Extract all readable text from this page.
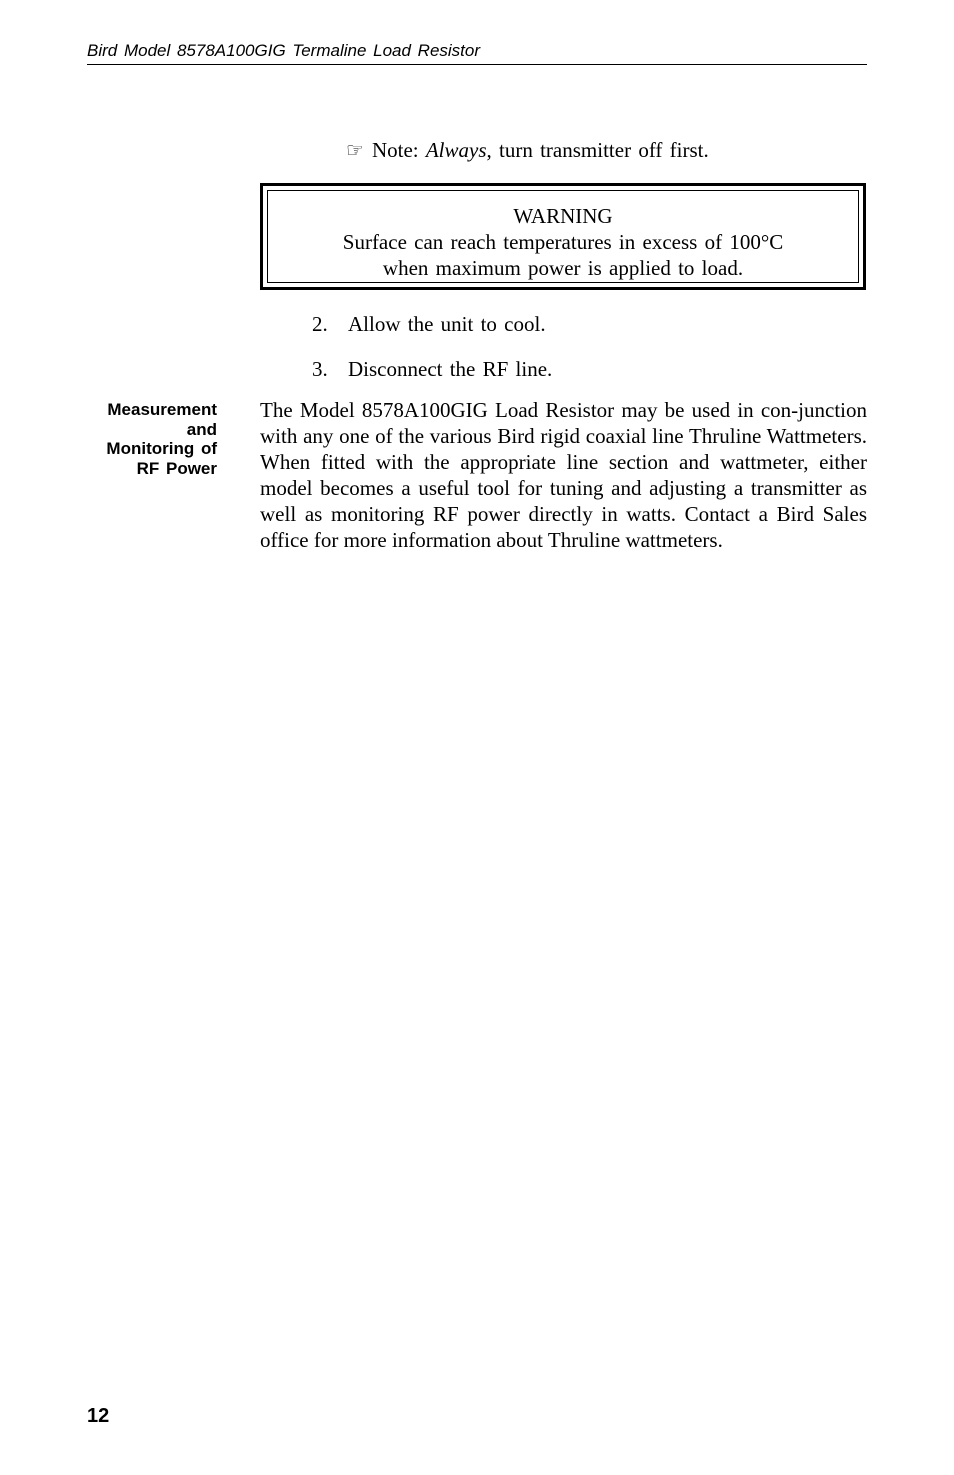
Bird Model 8578A100GIG Termaline Load Resistor
☞ Note: Always, turn transmitter off first.
WARNING
Surface can reach temperatures in excess of 100°C
when maximum power is applied to load.
2. Allow the unit to cool.
3. Disconnect the RF line.
Measurement
and
Monitoring of
RF Power
The Model 8578A100GIG Load Resistor may be used in con-junction with any one of the various Bird rigid coaxial line Thruline Wattmeters. When fitted with the appropriate line section and wattmeter, either model becomes a useful tool for tuning and adjusting a transmitter as well as monitoring RF power directly in watts. Contact a Bird Sales office for more information about Thruline wattmeters.
12
